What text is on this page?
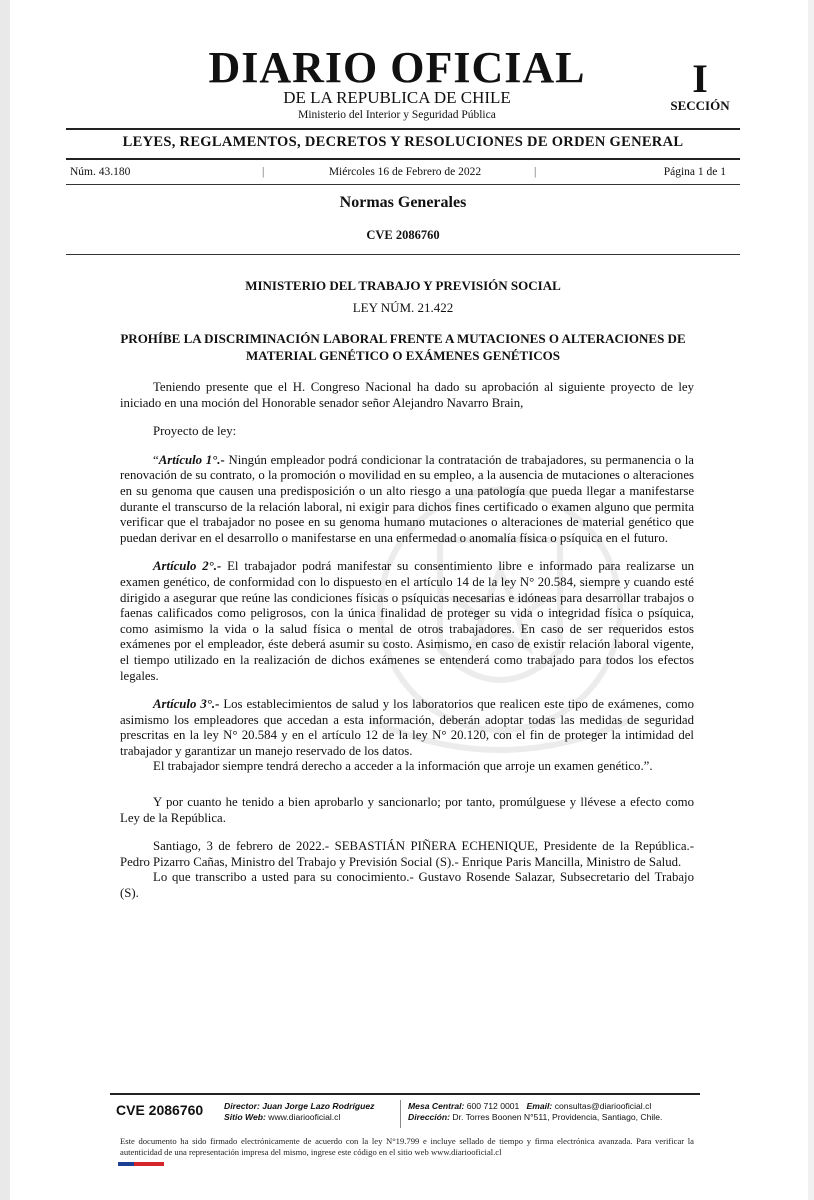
DIARIO OFICIAL
DE LA REPUBLICA DE CHILE
Ministerio del Interior y Seguridad Pública
I
SECCIÓN
LEYES, REGLAMENTOS, DECRETOS Y RESOLUCIONES DE ORDEN GENERAL
Núm. 43.180	|	Miércoles 16 de Febrero de 2022	|	Página 1 de 1
Normas Generales
CVE 2086760
MINISTERIO DEL TRABAJO Y PREVISIÓN SOCIAL
LEY NÚM. 21.422
PROHÍBE LA DISCRIMINACIÓN LABORAL FRENTE A MUTACIONES O ALTERACIONES DE MATERIAL GENÉTICO O EXÁMENES GENÉTICOS

Teniendo presente que el H. Congreso Nacional ha dado su aprobación al siguiente proyecto de ley iniciado en una moción del Honorable senador señor Alejandro Navarro Brain,

Proyecto de ley:

“Artículo 1°.- Ningún empleador podrá condicionar la contratación de trabajadores, su permanencia o la renovación de su contrato, o la promoción o movilidad en su empleo, a la ausencia de mutaciones o alteraciones en su genoma que causen una predisposición o un alto riesgo a una patología que pueda llegar a manifestarse durante el transcurso de la relación laboral, ni exigir para dichos fines certificado o examen alguno que permita verificar que el trabajador no posee en su genoma humano mutaciones o alteraciones de material genético que puedan derivar en el desarrollo o manifestarse en una enfermedad o anomalía física o psíquica en el futuro.

Artículo 2°.- El trabajador podrá manifestar su consentimiento libre e informado para realizarse un examen genético, de conformidad con lo dispuesto en el artículo 14 de la ley N° 20.584, siempre y cuando esté dirigido a asegurar que reúne las condiciones físicas o psíquicas necesarias e idóneas para desarrollar trabajos o faenas calificados como peligrosos, con la única finalidad de proteger su vida o integridad física o psíquica, como asimismo la vida o la salud física o mental de otros trabajadores. En caso de ser requeridos estos exámenes por el empleador, éste deberá asumir su costo. Asimismo, en caso de existir relación laboral vigente, el tiempo utilizado en la realización de dichos exámenes se entenderá como trabajado para todos los efectos legales.

Artículo 3°.- Los establecimientos de salud y los laboratorios que realicen este tipo de exámenes, como asimismo los empleadores que accedan a esta información, deberán adoptar todas las medidas de seguridad prescritas en la ley N° 20.584 y en el artículo 12 de la ley N° 20.120, con el fin de proteger la intimidad del trabajador y garantizar un manejo reservado de los datos.

El trabajador siempre tendrá derecho a acceder a la información que arroje un examen genético.”.

Y por cuanto he tenido a bien aprobarlo y sancionarlo; por tanto, promúlguese y llévese a efecto como Ley de la República.

Santiago, 3 de febrero de 2022.- SEBASTIÁN PIÑERA ECHENIQUE, Presidente de la República.- Pedro Pizarro Cañas, Ministro del Trabajo y Previsión Social (S).- Enrique Paris Mancilla, Ministro de Salud.

Lo que transcribo a usted para su conocimiento.- Gustavo Rosende Salazar, Subsecretario del Trabajo (S).

CVE 2086760 Director: Juan Jorge Lazo Rodríguez
Sitio Web: www.diariooficial.cl
Mesa Central: 600 712 0001 Email: consultas@diariooficial.cl
Dirección: Dr. Torres Boonen N°511, Providencia, Santiago, Chile.
Este documento ha sido firmado electrónicamente de acuerdo con la ley N°19.799 e incluye sellado de tiempo y firma electrónica avanzada. Para verificar la autenticidad de una representación impresa del mismo, ingrese este código en el sitio web www.diariooficial.cl
